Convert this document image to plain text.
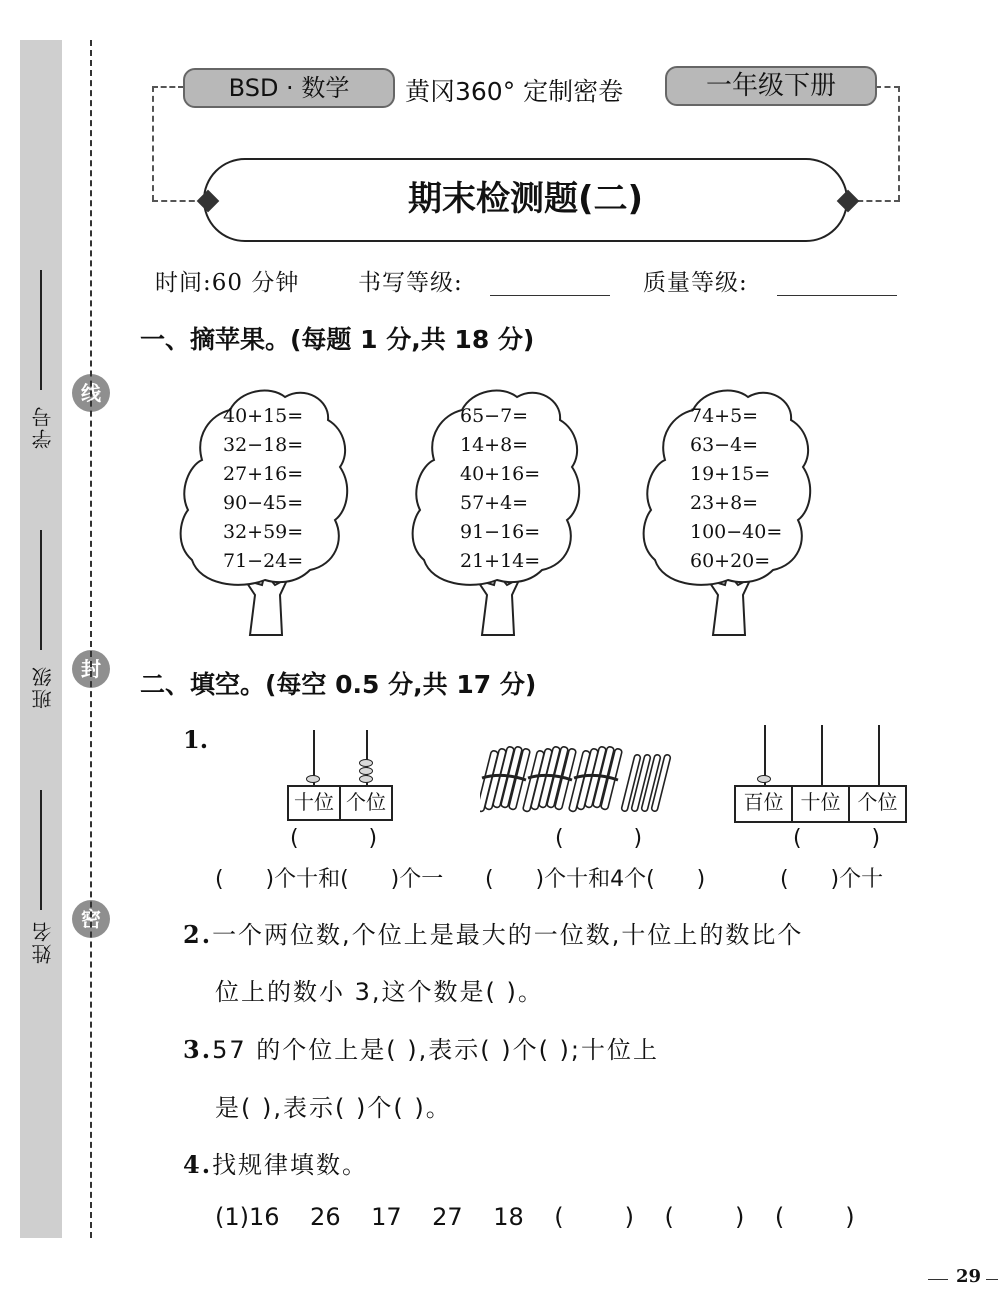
学号
班级
姓名
线
封
密
BSD · 数学	黄冈360° 定制密卷	一年级下册
期末检测题(二)
时间:60 分钟	书写等级:	质量等级:
一、摘苹果。(每题 1 分,共 18 分)
40+15=
32−18=
27+16=
90−45=
32+59=
71−24=
65−7=
14+8=
40+16=
57+4=
91−16=
21+14=
74+5=
63−4=
19+15=
23+8=
100−40=
60+20=
二、填空。(每空 0.5 分,共 17 分)
1.
十位 个位
(          )
(      )个十和(      )个一
(          )
(      )个十和4个(      )
百位 十位 个位
(          )
(      )个十
2.一个两位数,个位上是最大的一位数,十位上的数比个
位上的数小 3,这个数是( )。
3.57 的个位上是( ),表示( )个( );十位上
是( ),表示( )个( )。
4.找规律填数。
(1)16    26    17    27    18    (        )    (        )    (        )
29
